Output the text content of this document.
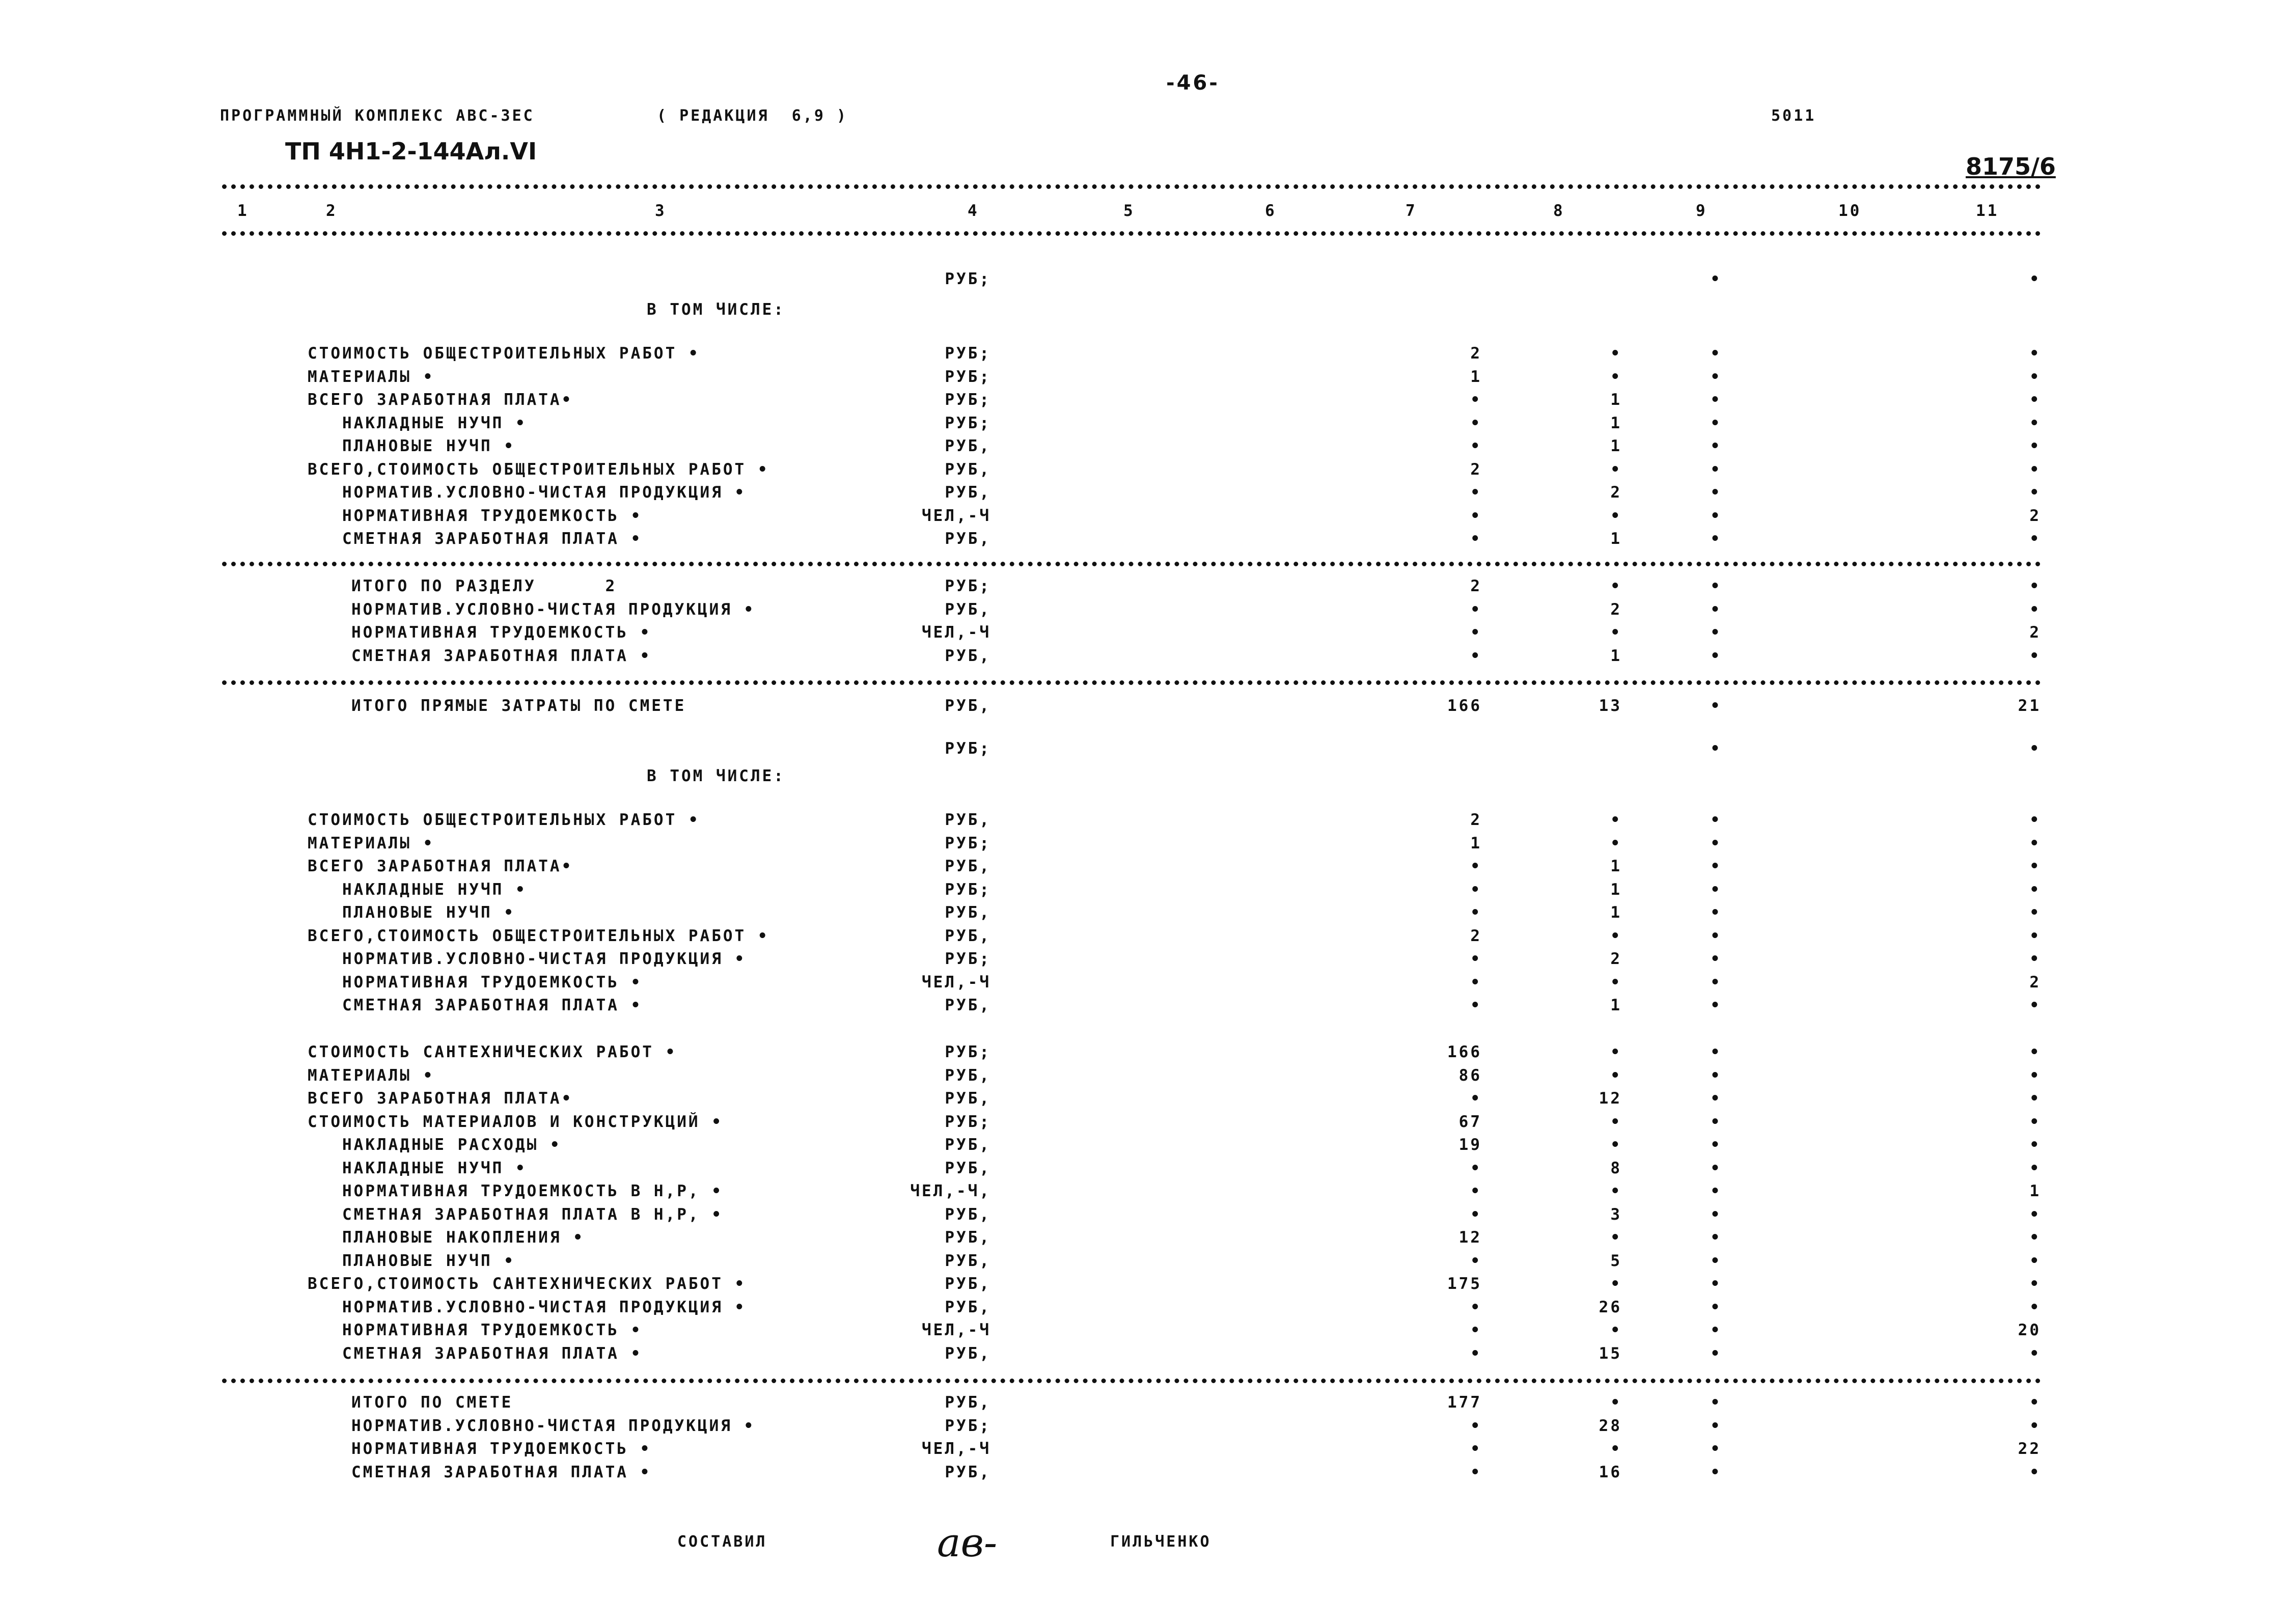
-46-
ПРОГРАММНЫЙ КОМПЛЕКС АВС-ЗЕС	( РЕДАКЦИЯ  6,9 )	5011
ТП 4Н1-2-144Ал.VI
8175/6
1	2	3	4	5	6	7	8	9	10	11
РУБ;	•	•
В ТОМ ЧИСЛЕ:
СТОИМОСТЬ ОБЩЕСТРОИТЕЛЬНЫХ РАБОТ •	РУБ;	2	•	•	•
МАТЕРИАЛЫ •	РУБ;	1	•	•	•
ВСЕГО ЗАРАБОТНАЯ ПЛАТА•	РУБ;	•	1	•	•
НАКЛАДНЫЕ НУЧП •	РУБ;	•	1	•	•
ПЛАНОВЫЕ НУЧП •	РУБ,	•	1	•	•
ВСЕГО,СТОИМОСТЬ ОБЩЕСТРОИТЕЛЬНЫХ РАБОТ •	РУБ,	2	•	•	•
НОРМАТИВ.УСЛОВНО-ЧИСТАЯ ПРОДУКЦИЯ •	РУБ,	•	2	•	•
НОРМАТИВНАЯ ТРУДОЕМКОСТЬ •	ЧЕЛ,-Ч	•	•	•	2
СМЕТНАЯ ЗАРАБОТНАЯ ПЛАТА •	РУБ,	•	1	•	•
ИТОГО ПО РАЗДЕЛУ      2	РУБ;	2	•	•	•
НОРМАТИВ.УСЛОВНО-ЧИСТАЯ ПРОДУКЦИЯ •	РУБ,	•	2	•	•
НОРМАТИВНАЯ ТРУДОЕМКОСТЬ •	ЧЕЛ,-Ч	•	•	•	2
СМЕТНАЯ ЗАРАБОТНАЯ ПЛАТА •	РУБ,	•	1	•	•
ИТОГО ПРЯМЫЕ ЗАТРАТЫ ПО СМЕТЕ	РУБ,	166	13	•	21
РУБ;	•	•
В ТОМ ЧИСЛЕ:
СТОИМОСТЬ ОБЩЕСТРОИТЕЛЬНЫХ РАБОТ •	РУБ,	2	•	•	•
МАТЕРИАЛЫ •	РУБ;	1	•	•	•
ВСЕГО ЗАРАБОТНАЯ ПЛАТА•	РУБ,	•	1	•	•
НАКЛАДНЫЕ НУЧП •	РУБ;	•	1	•	•
ПЛАНОВЫЕ НУЧП •	РУБ,	•	1	•	•
ВСЕГО,СТОИМОСТЬ ОБЩЕСТРОИТЕЛЬНЫХ РАБОТ •	РУБ,	2	•	•	•
НОРМАТИВ.УСЛОВНО-ЧИСТАЯ ПРОДУКЦИЯ •	РУБ;	•	2	•	•
НОРМАТИВНАЯ ТРУДОЕМКОСТЬ •	ЧЕЛ,-Ч	•	•	•	2
СМЕТНАЯ ЗАРАБОТНАЯ ПЛАТА •	РУБ,	•	1	•	•
СТОИМОСТЬ САНТЕХНИЧЕСКИХ РАБОТ •	РУБ;	166	•	•	•
МАТЕРИАЛЫ •	РУБ,	86	•	•	•
ВСЕГО ЗАРАБОТНАЯ ПЛАТА•	РУБ,	•	12	•	•
СТОИМОСТЬ МАТЕРИАЛОВ И КОНСТРУКЦИЙ •	РУБ;	67	•	•	•
НАКЛАДНЫЕ РАСХОДЫ •	РУБ,	19	•	•	•
НАКЛАДНЫЕ НУЧП •	РУБ,	•	8	•	•
НОРМАТИВНАЯ ТРУДОЕМКОСТЬ В Н,Р, •	ЧЕЛ,-Ч,	•	•	•	1
СМЕТНАЯ ЗАРАБОТНАЯ ПЛАТА В Н,Р, •	РУБ,	•	3	•	•
ПЛАНОВЫЕ НАКОПЛЕНИЯ •	РУБ,	12	•	•	•
ПЛАНОВЫЕ НУЧП •	РУБ,	•	5	•	•
ВСЕГО,СТОИМОСТЬ САНТЕХНИЧЕСКИХ РАБОТ •	РУБ,	175	•	•	•
НОРМАТИВ.УСЛОВНО-ЧИСТАЯ ПРОДУКЦИЯ •	РУБ,	•	26	•	•
НОРМАТИВНАЯ ТРУДОЕМКОСТЬ •	ЧЕЛ,-Ч	•	•	•	20
СМЕТНАЯ ЗАРАБОТНАЯ ПЛАТА •	РУБ,	•	15	•	•
ИТОГО ПО СМЕТЕ	РУБ,	177	•	•	•
НОРМАТИВ.УСЛОВНО-ЧИСТАЯ ПРОДУКЦИЯ •	РУБ;	•	28	•	•
НОРМАТИВНАЯ ТРУДОЕМКОСТЬ •	ЧЕЛ,-Ч	•	•	•	22
СМЕТНАЯ ЗАРАБОТНАЯ ПЛАТА •	РУБ,	•	16	•	•
СОСТАВИЛ	ав-	ГИЛЬЧЕНКО
